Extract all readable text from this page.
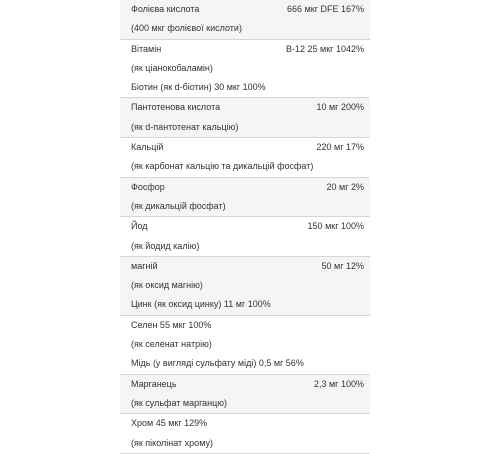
Фолієва кислота	666 мкг DFE 167%
(400 мкг фолієвої кислоти)
Вітамін	B-12 25 мкг 1042%
(як ціанокобаламін)
Біотин (як d-біотин) 30 мкг 100%
Пантотенова кислота	10 мг 200%
(як d-пантотенат кальцію)
Кальцій	220 мг 17%
(як карбонат кальцію та дикальцій фосфат)
Фосфор	20 мг 2%
(як дикальцій фосфат)
Йод	150 мкг 100%
(як йодид калію)
магній	50 мг 12%
(як оксид магнію)
Цинк (як оксид цинку) 11 мг 100%
Селен 55 мкг 100%
(як селенат натрію)
Мідь (у вигляді сульфату міді) 0,5 мг 56%
Марганець	2,3 мг 100%
(як сульфат марганцю)
Хром 45 мкг 129%
(як піколінат хрому)
